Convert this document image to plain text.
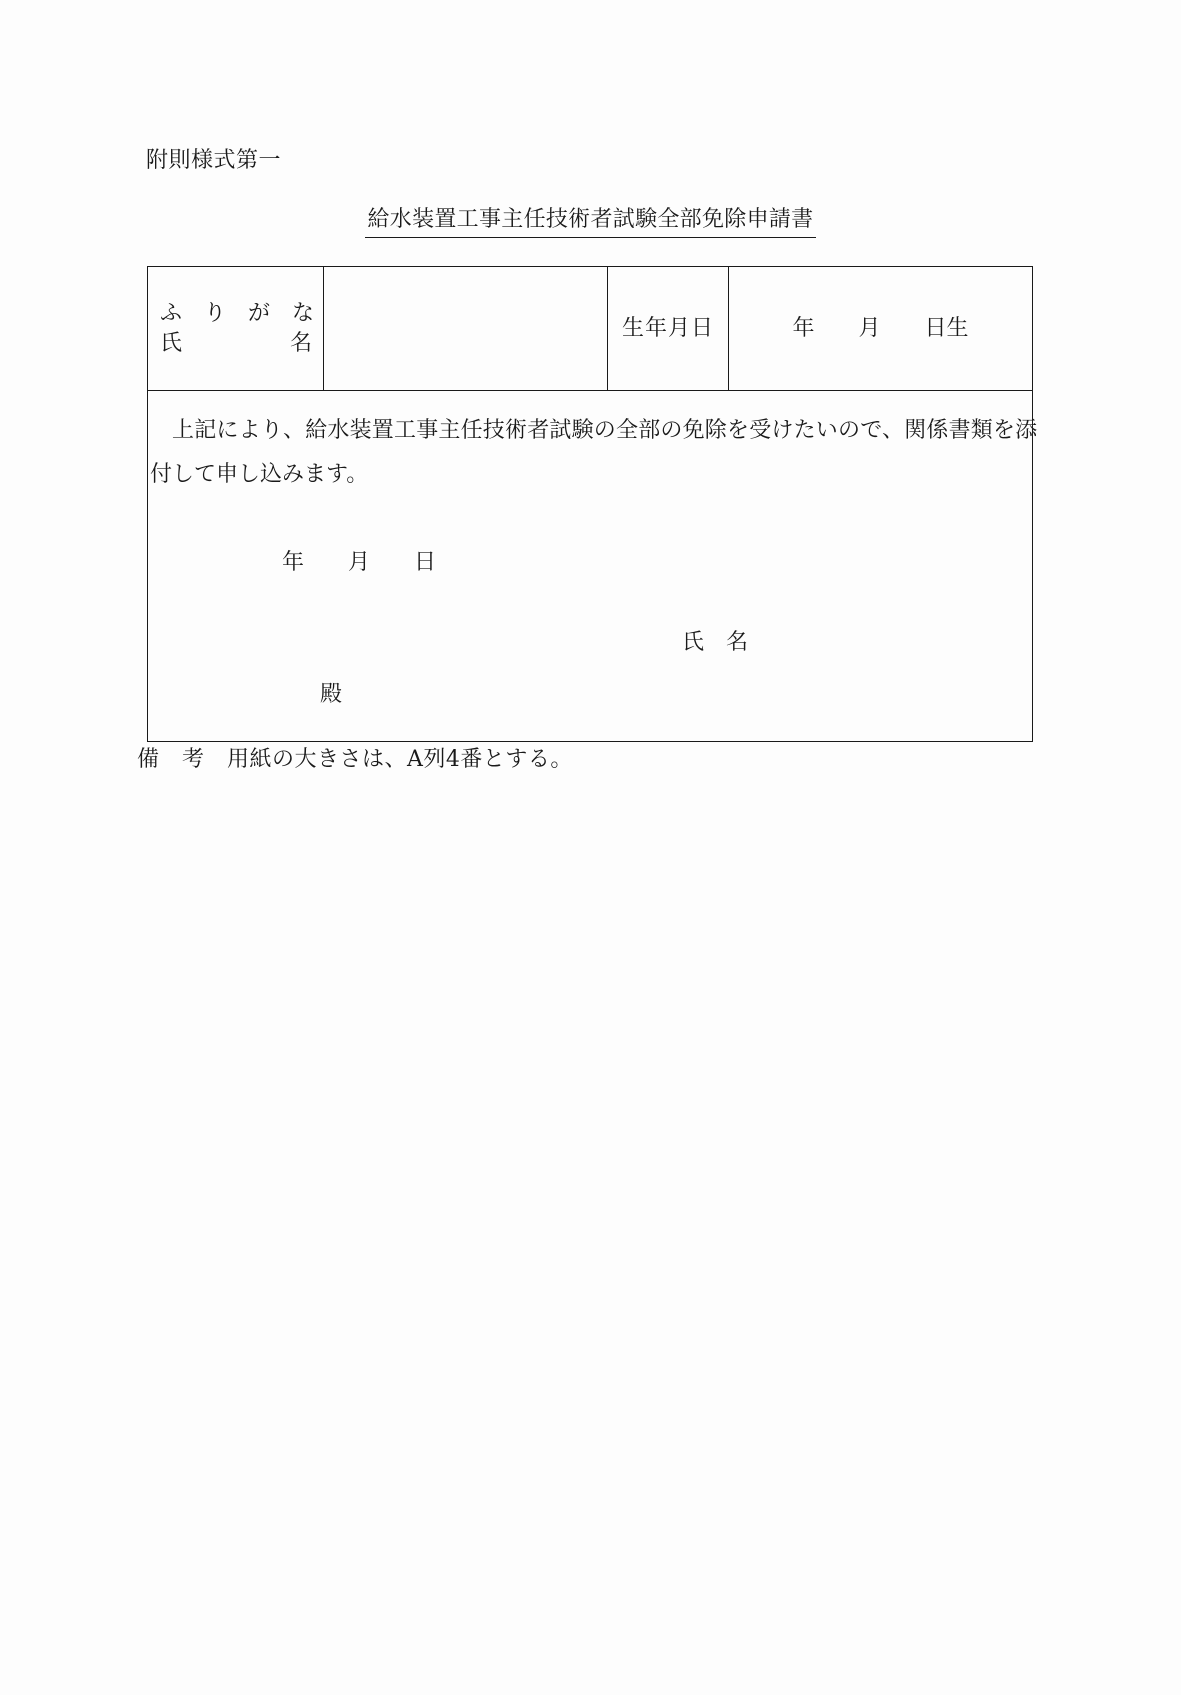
附則様式第一
給水装置工事主任技術者試験全部免除申請書
ふ　り　が　な
氏	名
生年月日	年　　月　　日生
上記により、給水装置工事主任技術者試験の全部の免除を受けたいので、関係書類を添
付して申し込みます。
年　　月　　日
氏　名
殿
備　考　用紙の大きさは、A列4番とする。
